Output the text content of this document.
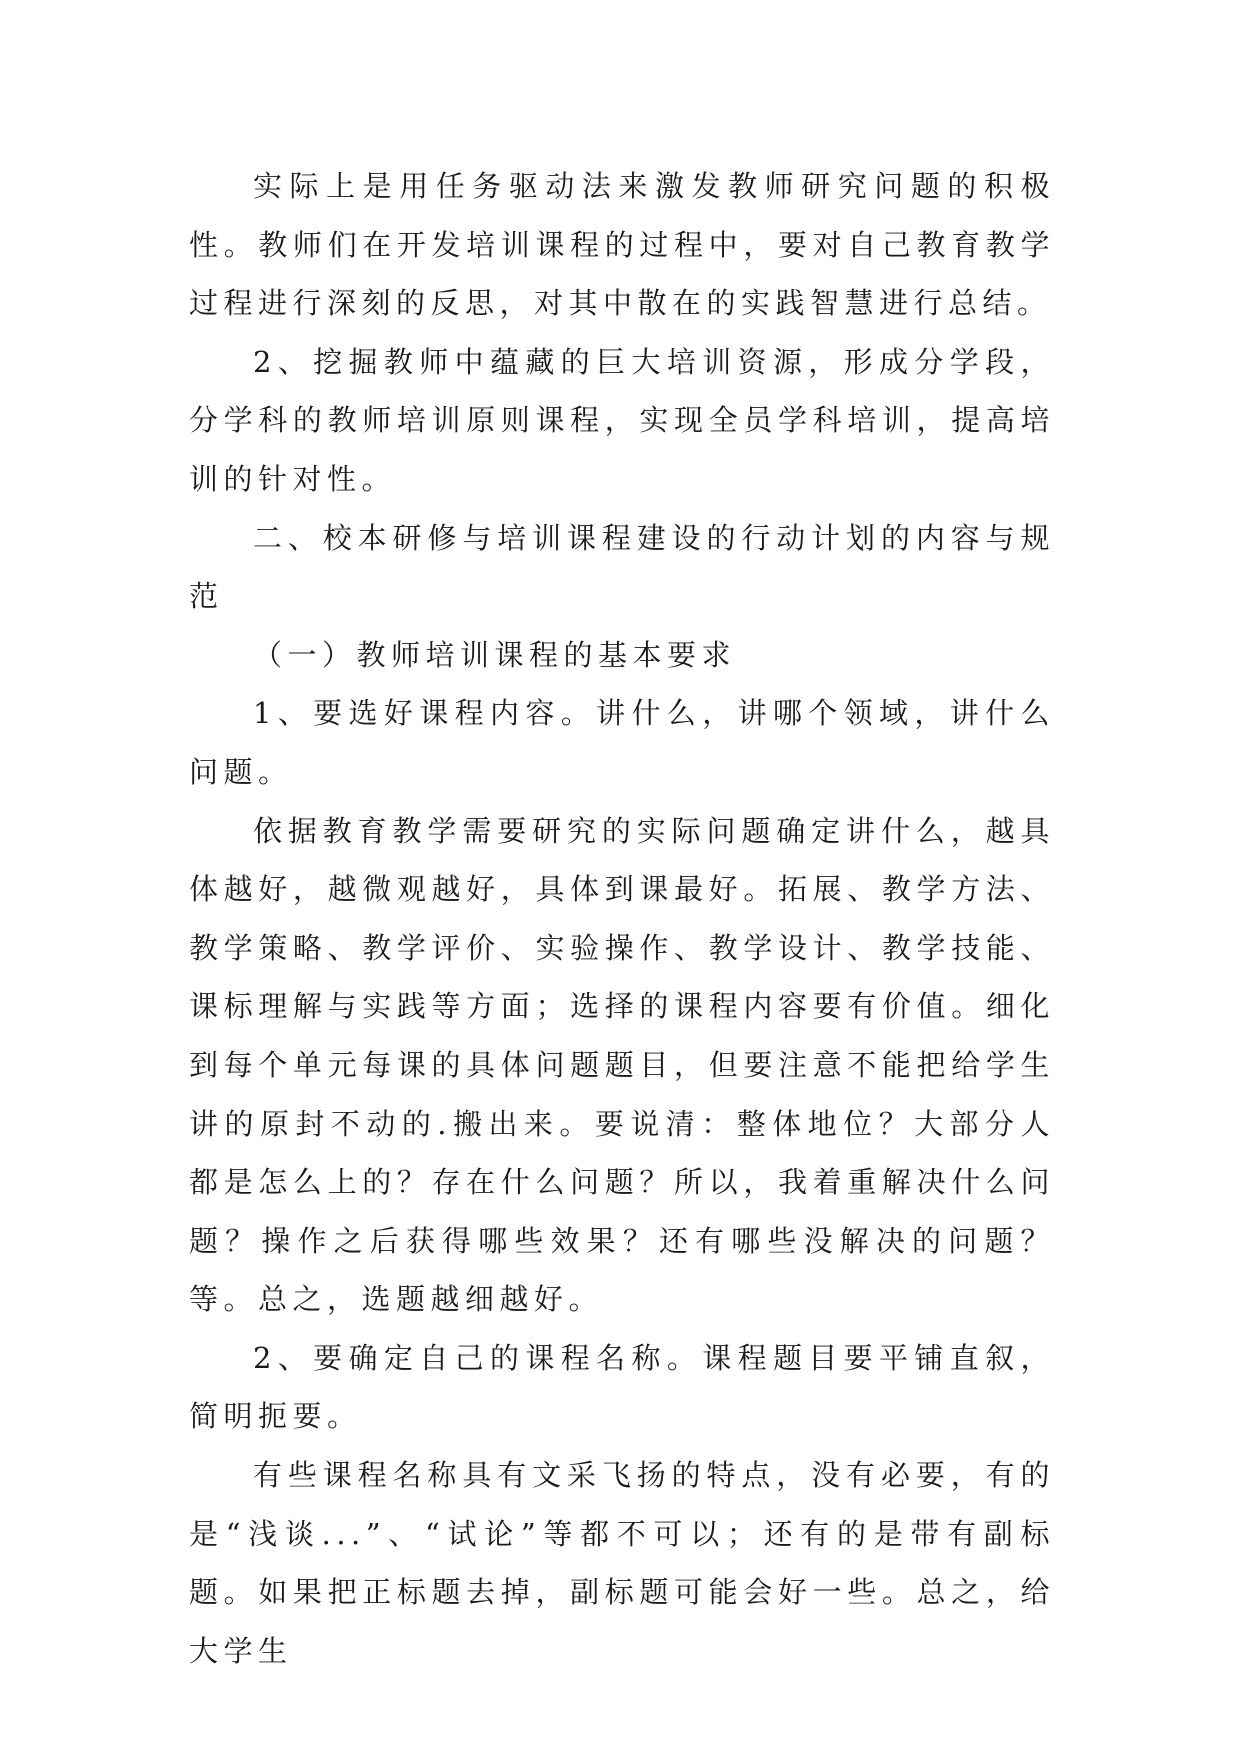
实际上是用任务驱动法来激发教师研究问题的积极性。教师们在开发培训课程的过程中，要对自己教育教学过程进行深刻的反思，对其中散在的实践智慧进行总结。

2、挖掘教师中蕴藏的巨大培训资源，形成分学段，分学科的教师培训原则课程，实现全员学科培训，提高培训的针对性。

二、校本研修与培训课程建设的行动计划的内容与规范

（一）教师培训课程的基本要求

1、要选好课程内容。讲什么，讲哪个领域，讲什么问题。

依据教育教学需要研究的实际问题确定讲什么，越具体越好，越微观越好，具体到课最好。拓展、教学方法、教学策略、教学评价、实验操作、教学设计、教学技能、课标理解与实践等方面；选择的课程内容要有价值。细化到每个单元每课的具体问题题目，但要注意不能把给学生讲的原封不动的.搬出来。要说清：整体地位？大部分人都是怎么上的？存在什么问题？所以，我着重解决什么问题？操作之后获得哪些效果？还有哪些没解决的问题？等。总之，选题越细越好。

2、要确定自己的课程名称。课程题目要平铺直叙，简明扼要。

有些课程名称具有文采飞扬的特点，没有必要，有的是“浅谈...”、“试论”等都不可以；还有的是带有副标题。如果把正标题去掉，副标题可能会好一些。总之，给大学生
